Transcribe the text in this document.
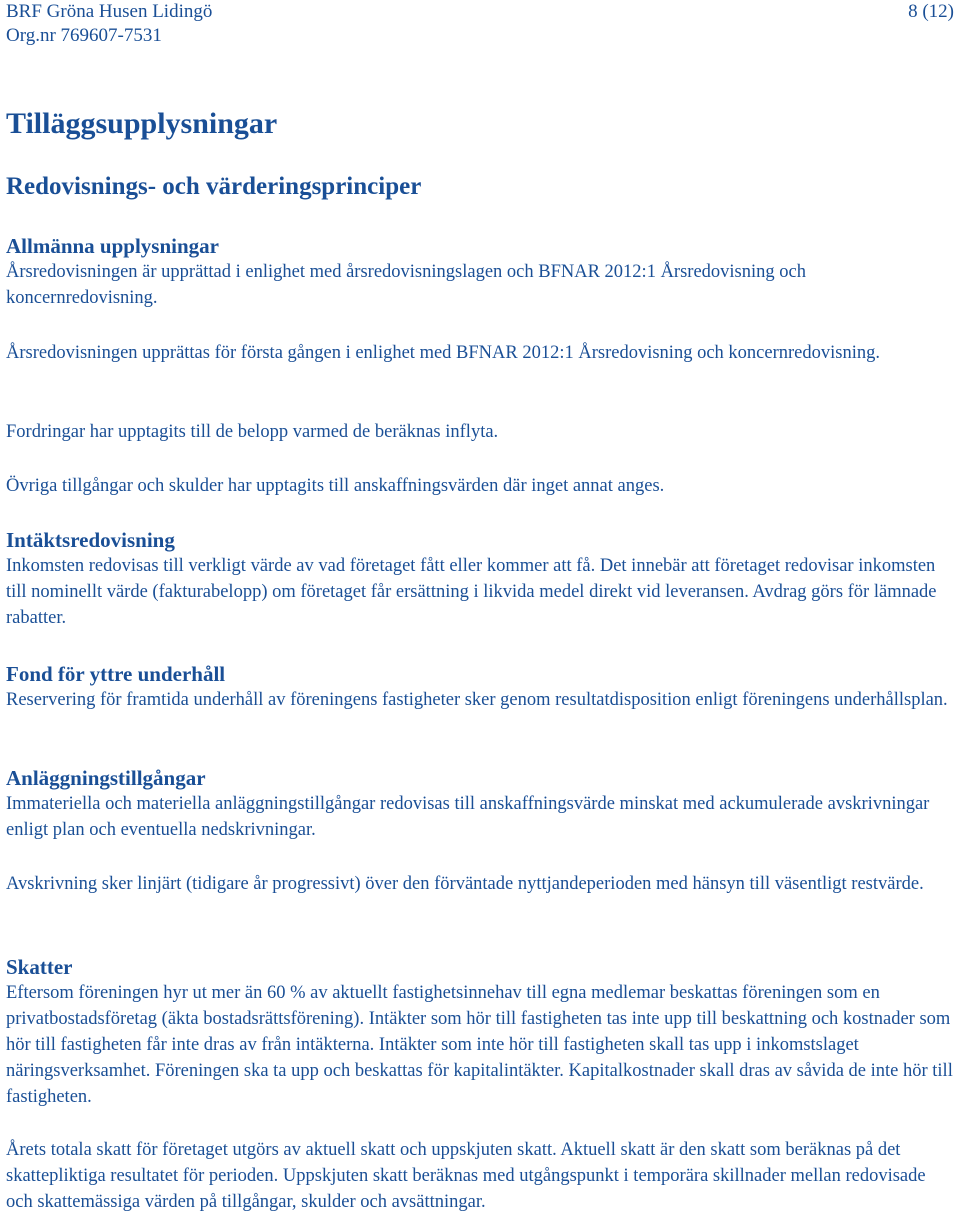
BRF Gröna Husen Lidingö
Org.nr 769607-7531
8 (12)
Tilläggsupplysningar
Redovisnings- och värderingsprinciper
Allmänna upplysningar

Årsredovisningen är upprättad i enlighet med årsredovisningslagen och BFNAR 2012:1 Årsredovisning och koncernredovisning.

Årsredovisningen upprättas för första gången i enlighet med BFNAR 2012:1 Årsredovisning och koncernredovisning.

Fordringar har upptagits till de belopp varmed de beräknas inflyta.

Övriga tillgångar och skulder har upptagits till anskaffningsvärden där inget annat anges.

Intäktsredovisning

Inkomsten redovisas till verkligt värde av vad företaget fått eller kommer att få. Det innebär att företaget redovisar inkomsten till nominellt värde (fakturabelopp) om företaget får ersättning i likvida medel direkt vid leveransen. Avdrag görs för lämnade rabatter.

Fond för yttre underhåll

Reservering för framtida underhåll av föreningens fastigheter sker genom resultatdisposition enligt föreningens underhållsplan.

Anläggningstillgångar

Immateriella och materiella anläggningstillgångar redovisas till anskaffningsvärde minskat med ackumulerade avskrivningar enligt plan och eventuella nedskrivningar.

Avskrivning sker linjärt (tidigare år progressivt) över den förväntade nyttjandeperioden med hänsyn till väsentligt restvärde.

Skatter

Eftersom föreningen hyr ut mer än 60 % av aktuellt fastighetsinnehav till egna medlemar beskattas föreningen som en privatbostadsföretag (äkta bostadsrättsförening). Intäkter som hör till fastigheten tas inte upp till beskattning och kostnader som hör till fastigheten får inte dras av från intäkterna. Intäkter som inte hör till fastigheten skall tas upp i inkomstslaget näringsverksamhet. Föreningen ska ta upp och beskattas för kapitalintäkter. Kapitalkostnader skall dras av såvida de inte hör till fastigheten.

Årets totala skatt för företaget utgörs av aktuell skatt och uppskjuten skatt. Aktuell skatt är den skatt som beräknas på det skattepliktiga resultatet för perioden. Uppskjuten skatt beräknas med utgångspunkt i temporära skillnader mellan redovisade och skattemässiga värden på tillgångar, skulder och avsättningar.
